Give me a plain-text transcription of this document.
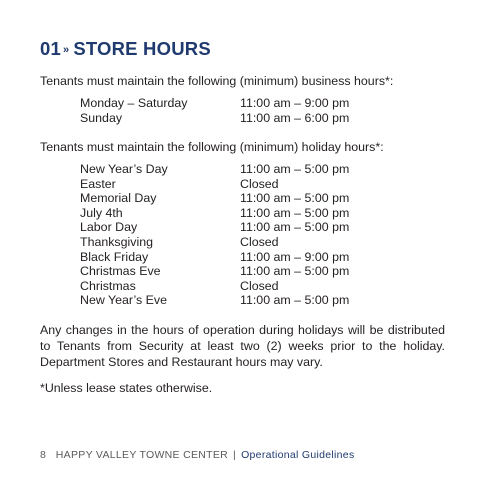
01 » STORE HOURS
Tenants must maintain the following (minimum) business hours*:
Monday – Saturday	11:00 am – 9:00 pm
Sunday	11:00 am – 6:00 pm
Tenants must maintain the following (minimum) holiday hours*:
New Year’s Day	11:00 am – 5:00 pm
Easter	Closed
Memorial Day	11:00 am – 5:00 pm
July 4th	11:00 am – 5:00 pm
Labor Day	11:00 am – 5:00 pm
Thanksgiving	Closed
Black Friday	11:00 am – 9:00 pm
Christmas Eve	11:00 am – 5:00 pm
Christmas	Closed
New Year’s Eve	11:00 am – 5:00 pm
Any changes in the hours of operation during holidays will be distributed to Tenants from Security at least two (2) weeks prior to the holiday. Department Stores and Restaurant hours may vary.
*Unless lease states otherwise.
8 HAPPY VALLEY TOWNE CENTER | Operational Guidelines
